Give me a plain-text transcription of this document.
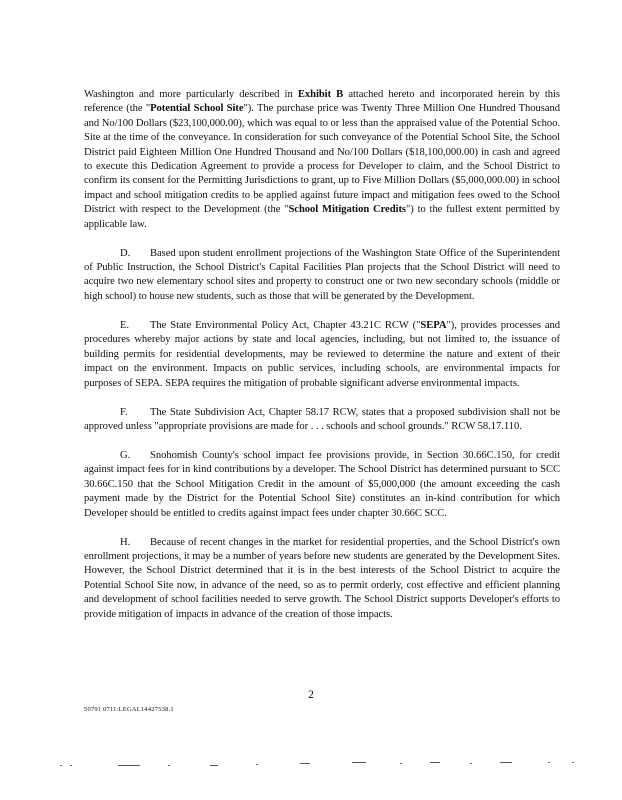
Washington and more particularly described in Exhibit B attached hereto and incorporated herein by this reference (the "Potential School Site"). The purchase price was Twenty Three Million One Hundred Thousand and No/100 Dollars ($23,100,000.00), which was equal to or less than the appraised value of the Potential Schoo. Site at the time of the conveyance. In consideration for such conveyance of the Potential School Site, the School District paid Eighteen Million One Hundred Thousand and No/100 Dollars ($18,100,000.00) in cash and agreed to execute this Dedication Agreement to provide a process for Developer to claim, and the School District to confirm its consent for the Permitting Jurisdictions to grant, up to Five Million Dollars ($5,000,000.00) in school impact and school mitigation credits to be applied against future impact and mitigation fees owed to the School District with respect to the Development (the "School Mitigation Credits") to the fullest extent permitted by applicable law.

D. Based upon student enrollment projections of the Washington State Office of the Superintendent of Public Instruction, the School District's Capital Facilities Plan projects that the School District will need to acquire two new elementary school sites and property to construct one or two new secondary schools (middle or high school) to house new students, such as those that will be generated by the Development.

E. The State Environmental Policy Act, Chapter 43.21C RCW ("SEPA"), provides processes and procedures whereby major actions by state and local agencies, including, but not limited to, the issuance of building permits for residential developments, may be reviewed to determine the nature and extent of their impact on the environment. Impacts on public services, including schools, are environmental impacts for purposes of SEPA. SEPA requires the mitigation of probable significant adverse environmental impacts.

F. The State Subdivision Act, Chapter 58.17 RCW, states that a proposed subdivision shall not be approved unless "appropriate provisions are made for . . . schools and school grounds." RCW 58.17.110.

G. Snohomish County's school impact fee provisions provide, in Section 30.66C.150, for credit against impact fees for in kind contributions by a developer. The School District has determined pursuant to SCC 30.66C.150 that the School Mitigation Credit in the amount of $5,000,000 (the amount exceeding the cash payment made by the District for the Potential School Site) constitutes an in-kind contribution for which Developer should be entitled to credits against impact fees under chapter 30.66C SCC.

H. Because of recent changes in the market for residential properties, and the School District's own enrollment projections, it may be a number of years before new students are generated by the Development Sites. However, the School District determined that it is in the best interests of the School District to acquire the Potential School Site now, in advance of the need, so as to permit orderly, cost effective and efficient planning and development of school facilities needed to serve growth. The School District supports Developer's efforts to provide mitigation of impacts in advance of the creation of those impacts.

2
50791 0711:LEGAL14427538.1
